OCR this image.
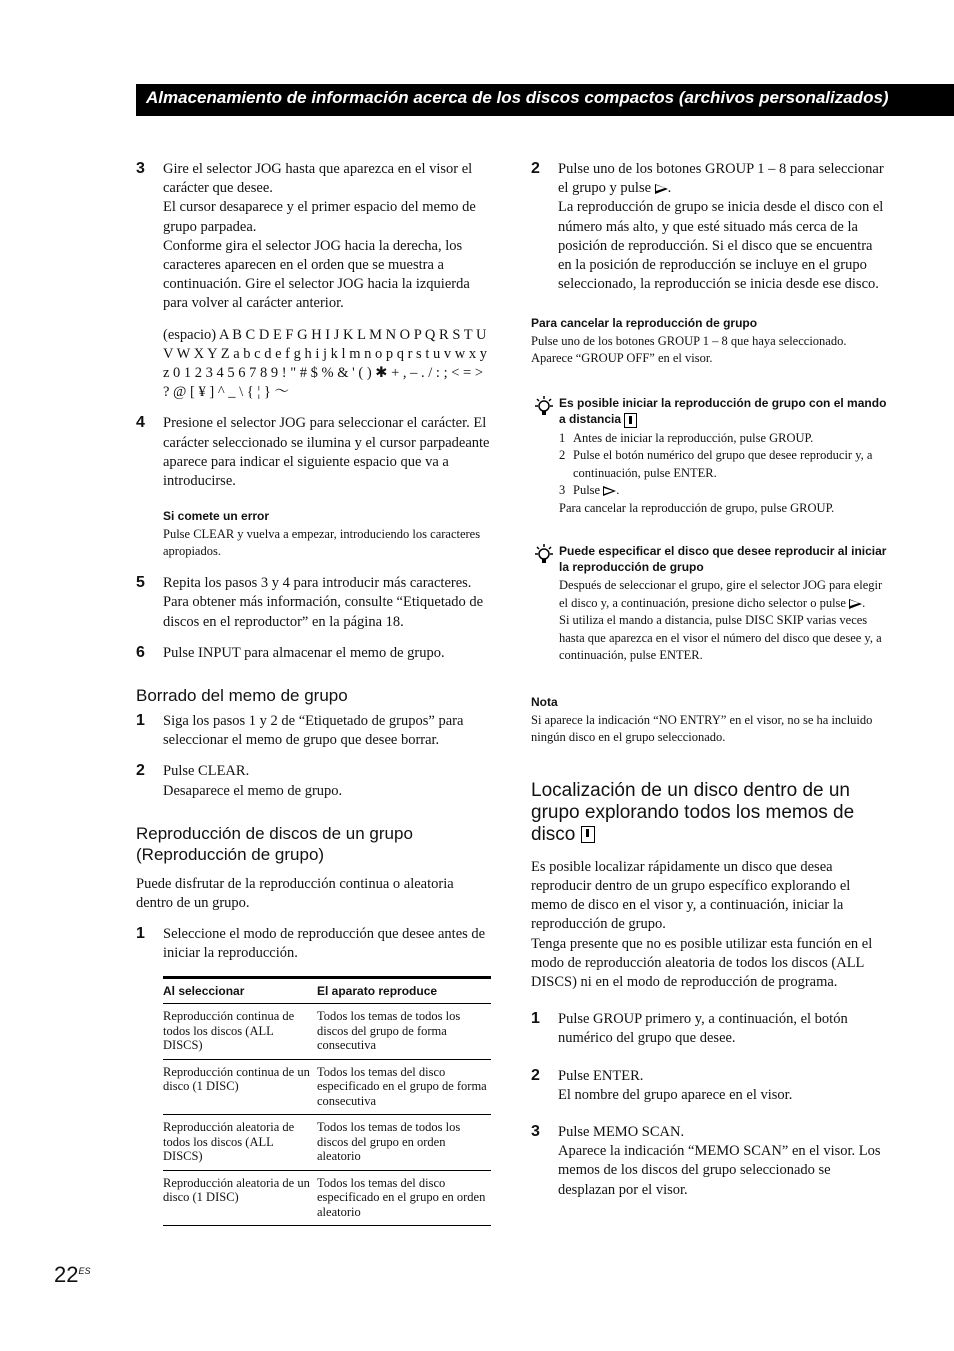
Almacenamiento de información acerca de los discos compactos (archivos personalizados)
3 Gire el selector JOG hasta que aparezca en el visor el carácter que desee.

El cursor desaparece y el primer espacio del memo de grupo parpadea.

Conforme gira el selector JOG hacia la derecha, los caracteres aparecen en el orden que se muestra a continuación. Gire el selector JOG hacia la izquierda para volver al carácter anterior.

(espacio) A B C D E F G H I J K L M N O P Q R S T U V W X Y Z a b c d e f g h i j k l m n o p q r s t u v w x y z 0 1 2 3 4 5 6 7 8 9 ! " # $ % & ' ( ) ✱ + , – . / : ; < = > ? @ [ ¥ ] ^ _ \ { ¦ } 〜

4 Presione el selector JOG para seleccionar el carácter. El carácter seleccionado se ilumina y el cursor parpadeante aparece para indicar el siguiente espacio que va a introducirse.

Si comete un error

Pulse CLEAR y vuelva a empezar, introduciendo los caracteres apropiados.

5 Repita los pasos 3 y 4 para introducir más caracteres. Para obtener más información, consulte “Etiquetado de discos en el reproductor” en la página 18.

6 Pulse INPUT para almacenar el memo de grupo.

Borrado del memo de grupo
1 Siga los pasos 1 y 2 de “Etiquetado de grupos” para seleccionar el memo de grupo que desee borrar.

2 Pulse CLEAR.

Desaparece el memo de grupo.

Reproducción de discos de un grupo (Reproducción de grupo)

Puede disfrutar de la reproducción continua o aleatoria dentro de un grupo.

1 Seleccione el modo de reproducción que desee antes de iniciar la reproducción.

Al seleccionar	El aparato reproduce
Reproducción continua de todos los discos (ALL DISCS)	Todos los temas de todos los discos del grupo de forma consecutiva
Reproducción continua de un disco (1 DISC)	Todos los temas del disco especificado en el grupo de forma consecutiva
Reproducción aleatoria de todos los discos (ALL DISCS)	Todos los temas de todos los discos del grupo en orden aleatorio
Reproducción aleatoria de un disco (1 DISC)	Todos los temas del disco especificado en el grupo en orden aleatorio
2 Pulse uno de los botones GROUP 1 – 8 para seleccionar el grupo y pulse .

La reproducción de grupo se inicia desde el disco con el número más alto, y que esté situado más cerca de la posición de reproducción. Si el disco que se encuentra en la posición de reproducción se incluye en el grupo seleccionado, la reproducción se inicia desde ese disco.

Para cancelar la reproducción de grupo

Pulse uno de los botones GROUP 1 – 8 que haya seleccionado. Aparece “GROUP OFF” en el visor.

Es posible iniciar la reproducción de grupo con el mando a distancia

1 Antes de iniciar la reproducción, pulse GROUP.
2 Pulse el botón numérico del grupo que desee reproducir y, a continuación, pulse ENTER.
3 Pulse .

Para cancelar la reproducción de grupo, pulse GROUP.

Puede especificar el disco que desee reproducir al iniciar la reproducción de grupo

Después de seleccionar el grupo, gire el selector JOG para elegir el disco y, a continuación, presione dicho selector o pulse .

Si utiliza el mando a distancia, pulse DISC SKIP varias veces hasta que aparezca en el visor el número del disco que desee y, a continuación, pulse ENTER.

Nota

Si aparece la indicación “NO ENTRY” en el visor, no se ha incluido ningún disco en el grupo seleccionado.

Localización de un disco dentro de un grupo explorando todos los memos de disco

Es posible localizar rápidamente un disco que desea reproducir dentro de un grupo específico explorando el memo de disco en el visor y, a continuación, iniciar la reproducción de grupo.

Tenga presente que no es posible utilizar esta función en el modo de reproducción aleatoria de todos los discos (ALL DISCS) ni en el modo de reproducción de programa.

1 Pulse GROUP primero y, a continuación, el botón numérico del grupo que desee.

2 Pulse ENTER.

El nombre del grupo aparece en el visor.

3 Pulse MEMO SCAN.

Aparece la indicación “MEMO SCAN” en el visor. Los memos de los discos del grupo seleccionado se desplazan por el visor.

$22^{ES}$
